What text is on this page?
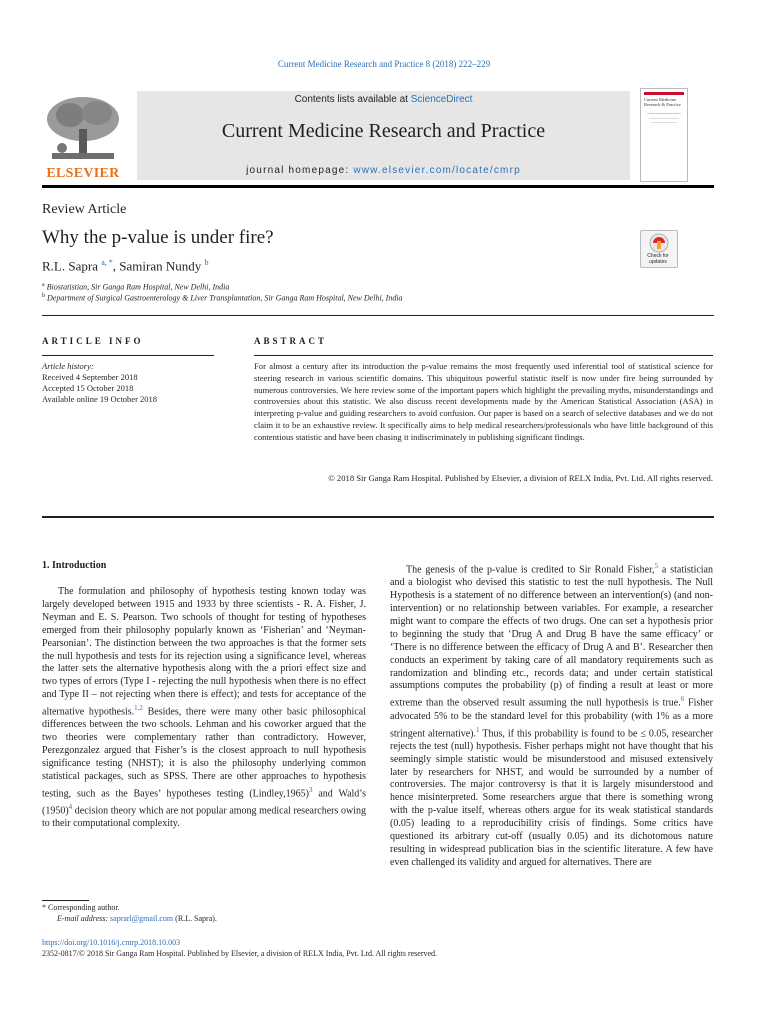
Current Medicine Research and Practice 8 (2018) 222–229
ELSEVIER
Contents lists available at ScienceDirect
Current Medicine Research and Practice
journal homepage: www.elsevier.com/locate/cmrp
Current Medicine Research & Practice
Review Article
Why the p-value is under fire?
Check for updates
R.L. Sapra $^{a, *}$, Samiran Nundy $^b$
$^a$ Biostatistian, Sir Ganga Ram Hospital, New Delhi, India
$^b$ Department of Surgical Gastroenterology & Liver Transplantation, Sir Ganga Ram Hospital, New Delhi, India
ARTICLE INFO	ABSTRACT
Article history:
Received 4 September 2018
Accepted 15 October 2018
Available online 19 October 2018
For almost a century after its introduction the p-value remains the most frequently used inferential tool of statistical science for steering research in various scientific domains. This ubiquitous powerful statistic itself is now under fire being surrounded by numerous controversies. We here review some of the important papers which highlight the prevailing myths, misunderstandings and controversies about this statistic. We also discuss recent developments made by the American Statistical Association (ASA) in interpreting p-value and guiding researchers to avoid confusion. Our paper is based on a search of selective databases and we do not claim it to be an exhaustive review. It specifically aims to help medical researchers/professionals who have little background of this contentious statistic and have been chasing it indiscriminately in publishing significant findings.
© 2018 Sir Ganga Ram Hospital. Published by Elsevier, a division of RELX India, Pvt. Ltd. All rights reserved.
1. Introduction

The formulation and philosophy of hypothesis testing known today was largely developed between 1915 and 1933 by three scientists - R. A. Fisher, J. Neyman and E. S. Pearson. Two schools of thought for testing of hypotheses emerged from their philosophy popularly known as ‘Fisherian’ and ‘Neyman-Pearsonian’. The distinction between the two approaches is that the former sets the null hypothesis and tests for its rejection using a significance level, whereas the latter sets the alternative hypothesis along with the a priori effect size and two types of errors (Type I - rejecting the null hypothesis when there is no effect and Type II – not rejecting when there is effect); and tests for acceptance of the alternative hypothesis.$^{1,2}$ Besides, there were many other basic philosophical differences between the two schools. Lehman and his coworker argued that the two theories were complementary rather than contradictory. However, Perezgonzalez argued that Fisher’s is the closest approach to null hypothesis significance testing (NHST); it is also the philosophy underlying common statistical packages, such as SPSS. There are other approaches to hypothesis testing, such as the Bayes’ hypotheses testing (Lindley,1965)$^3$ and Wald’s (1950)$^4$ decision theory which are not popular among medical researchers owing to their computational complexity.

The genesis of the p-value is credited to Sir Ronald Fisher,$^5$ a statistician and a biologist who devised this statistic to test the null hypothesis. The Null Hypothesis is a statement of no difference between an intervention(s) (and non-intervention) or no relationship between variables. For example, a researcher might want to compare the effects of two drugs. One can set a hypothesis prior to beginning the study that ‘Drug A and Drug B have the same efficacy’ or ‘There is no difference between the efficacy of Drug A and B’. Researcher then conducts an experiment by taking care of all mandatory requirements such as randomization and blinding etc., records data; and under certain statistical assumptions computes the probability (p) of finding a result at least or more extreme than the observed result assuming the null hypothesis is true.$^6$ Fisher advocated 5% to be the standard level for this probability (with 1% as a more stringent alternative).$^1$ Thus, if this probability is found to be ≤ 0.05, researcher rejects the test (null) hypothesis. Fisher perhaps might not have thought that his seemingly simple statistic would be misunderstood and misused extensively later by researchers for NHST, and would be surrounded by a number of controversies. The major controversy is that it is largely misunderstood and hence misinterpreted. Some researchers argue that there is something wrong with the p-value itself, whereas others argue for its weak statistical standards (0.05) leading to a reproducibility crisis of findings. Some critics have questioned its arbitrary cut-off (usually 0.05) and its dichotomous nature resulting in widespread publication bias in the scientific literature. A few have even challenged its validity and argued for alternatives. There are

* Corresponding author.
E-mail address: saprarl@gmail.com (R.L. Sapra).
https://doi.org/10.1016/j.cmrp.2018.10.003
2352-0817/© 2018 Sir Ganga Ram Hospital. Published by Elsevier, a division of RELX India, Pvt. Ltd. All rights reserved.
